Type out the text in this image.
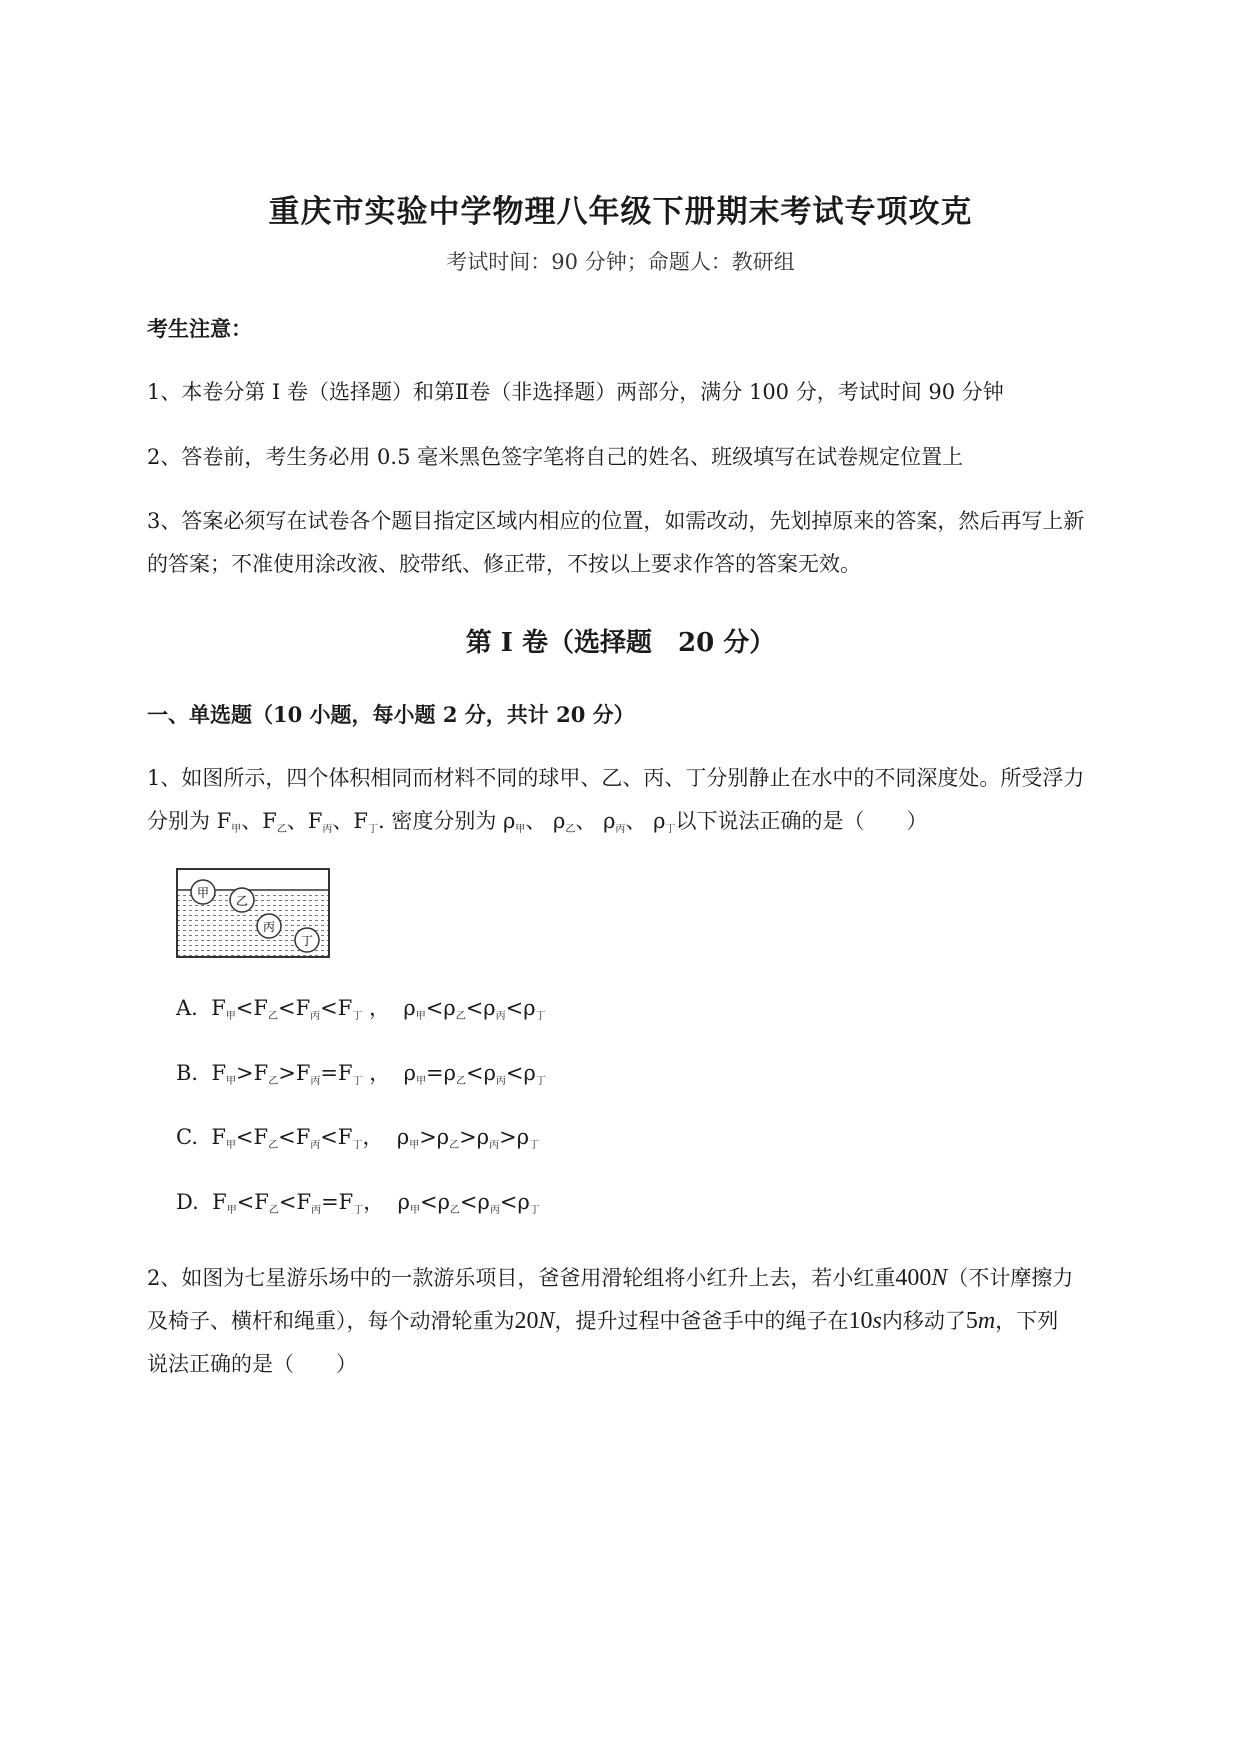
重庆市实验中学物理八年级下册期末考试专项攻克
考试时间：90 分钟；命题人：教研组
考生注意：
1、本卷分第 I 卷（选择题）和第Ⅱ卷（非选择题）两部分，满分 100 分，考试时间 90 分钟
2、答卷前，考生务必用 0.5 毫米黑色签字笔将自己的姓名、班级填写在试卷规定位置上
3、答案必须写在试卷各个题目指定区域内相应的位置，如需改动，先划掉原来的答案，然后再写上新
的答案；不准使用涂改液、胶带纸、修正带，不按以上要求作答的答案无效。
第 I 卷（选择题　20 分）
一、单选题（10 小题，每小题 2 分，共计 20 分）
1、如图所示，四个体积相同而材料不同的球甲、乙、丙、丁分别静止在水中的不同深度处。所受浮力
分别为 $F_甲$、$F_乙$、$F_丙$、$F_丁$. 密度分别为 $\rho_甲$、 $\rho_乙$、 $\rho_丙$、 $\rho_丁$以下说法正确的是（　　）
甲
乙
丙
丁
A.  $F_甲<F_乙<F_丙<F_丁$ ，  $\rho_甲<\rho_乙<\rho_丙<\rho_丁$
B.  $F_甲>F_乙>F_丙=F_丁$ ，  $\rho_甲=\rho_乙<\rho_丙<\rho_丁$
C.  $F_甲<F_乙<F_丙<F_丁$，  $\rho_甲>\rho_乙>\rho_丙>\rho_丁$
D.  $F_甲<F_乙<F_丙=F_丁$，  $\rho_甲<\rho_乙<\rho_丙<\rho_丁$
2、如图为七星游乐场中的一款游乐项目，爸爸用滑轮组将小红升上去，若小红重400N（不计摩擦力
及椅子、横杆和绳重），每个动滑轮重为20N，提升过程中爸爸手中的绳子在10s内移动了5m，下列
说法正确的是（　　）
